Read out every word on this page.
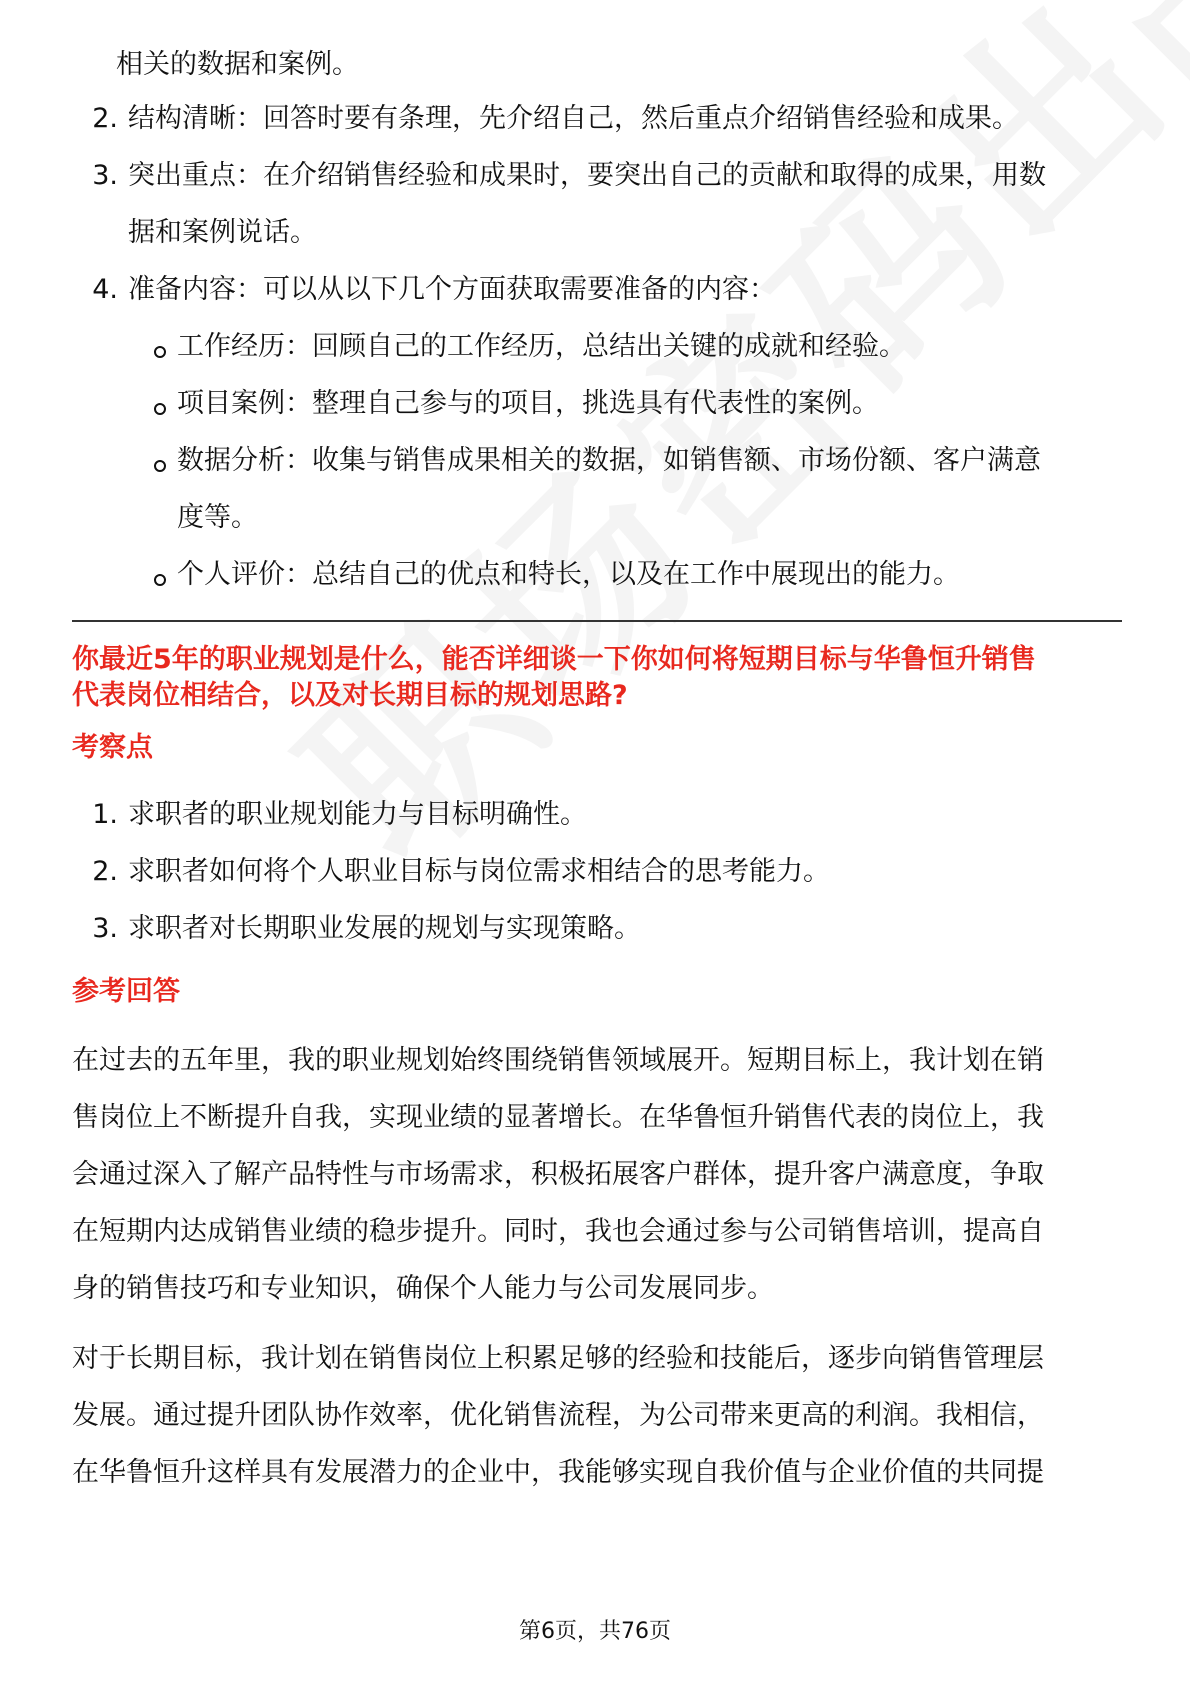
相关的数据和案例。
2. 结构清晰：回答时要有条理，先介绍自己，然后重点介绍销售经验和成果。
3. 突出重点：在介绍销售经验和成果时，要突出自己的贡献和取得的成果，用数
据和案例说话。
4. 准备内容：可以从以下几个方面获取需要准备的内容：
工作经历：回顾自己的工作经历，总结出关键的成就和经验。
项目案例：整理自己参与的项目，挑选具有代表性的案例。
数据分析：收集与销售成果相关的数据，如销售额、市场份额、客户满意
度等。
个人评价：总结自己的优点和特长，以及在工作中展现出的能力。
你最近5年的职业规划是什么，能否详细谈一下你如何将短期目标与华鲁恒升销售
代表岗位相结合，以及对长期目标的规划思路?
考察点
1. 求职者的职业规划能力与目标明确性。
2. 求职者如何将个人职业目标与岗位需求相结合的思考能力。
3. 求职者对长期职业发展的规划与实现策略。
参考回答
在过去的五年里，我的职业规划始终围绕销售领域展开。短期目标上，我计划在销
售岗位上不断提升自我，实现业绩的显著增长。在华鲁恒升销售代表的岗位上，我
会通过深入了解产品特性与市场需求，积极拓展客户群体，提升客户满意度，争取
在短期内达成销售业绩的稳步提升。同时，我也会通过参与公司销售培训，提高自
身的销售技巧和专业知识，确保个人能力与公司发展同步。
对于长期目标，我计划在销售岗位上积累足够的经验和技能后，逐步向销售管理层
发展。通过提升团队协作效率，优化销售流程，为公司带来更高的利润。我相信，
在华鲁恒升这样具有发展潜力的企业中，我能够实现自我价值与企业价值的共同提
第6页，共76页
